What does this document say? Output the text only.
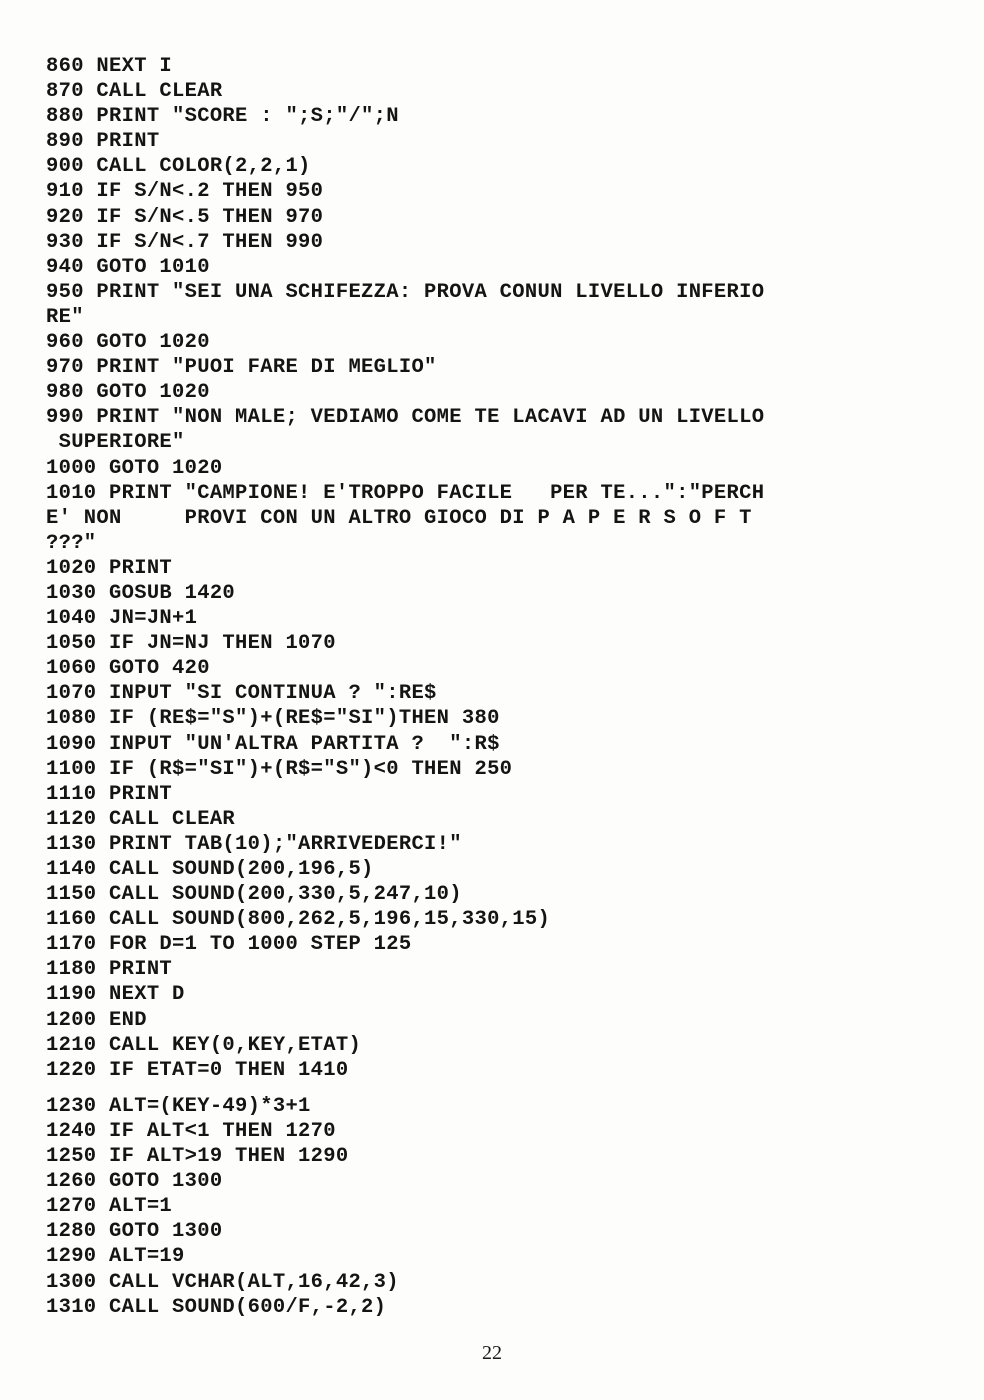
860 NEXT I
870 CALL CLEAR
880 PRINT "SCORE : ";S;"/";N
890 PRINT
900 CALL COLOR(2,2,1)
910 IF S/N<.2 THEN 950
920 IF S/N<.5 THEN 970
930 IF S/N<.7 THEN 990
940 GOTO 1010
950 PRINT "SEI UNA SCHIFEZZA: PROVA CONUN LIVELLO INFERIO
RE"
960 GOTO 1020
970 PRINT "PUOI FARE DI MEGLIO"
980 GOTO 1020
990 PRINT "NON MALE; VEDIAMO COME TE LACAVI AD UN LIVELLO
SUPERIORE"
1000 GOTO 1020
1010 PRINT "CAMPIONE! E'TROPPO FACILE   PER TE...":"PERCH
E' NON     PROVI CON UN ALTRO GIOCO DI P A P E R S O F T
???"
1020 PRINT
1030 GOSUB 1420
1040 JN=JN+1
1050 IF JN=NJ THEN 1070
1060 GOTO 420
1070 INPUT "SI CONTINUA ? ":RE$
1080 IF (RE$="S")+(RE$="SI")THEN 380
1090 INPUT "UN'ALTRA PARTITA ?  ":R$
1100 IF (R$="SI")+(R$="S")<0 THEN 250
1110 PRINT
1120 CALL CLEAR
1130 PRINT TAB(10);"ARRIVEDERCI!"
1140 CALL SOUND(200,196,5)
1150 CALL SOUND(200,330,5,247,10)
1160 CALL SOUND(800,262,5,196,15,330,15)
1170 FOR D=1 TO 1000 STEP 125
1180 PRINT
1190 NEXT D
1200 END
1210 CALL KEY(0,KEY,ETAT)
1220 IF ETAT=0 THEN 1410
1230 ALT=(KEY-49)*3+1
1240 IF ALT<1 THEN 1270
1250 IF ALT>19 THEN 1290
1260 GOTO 1300
1270 ALT=1
1280 GOTO 1300
1290 ALT=19
1300 CALL VCHAR(ALT,16,42,3)
1310 CALL SOUND(600/F,-2,2)
22
